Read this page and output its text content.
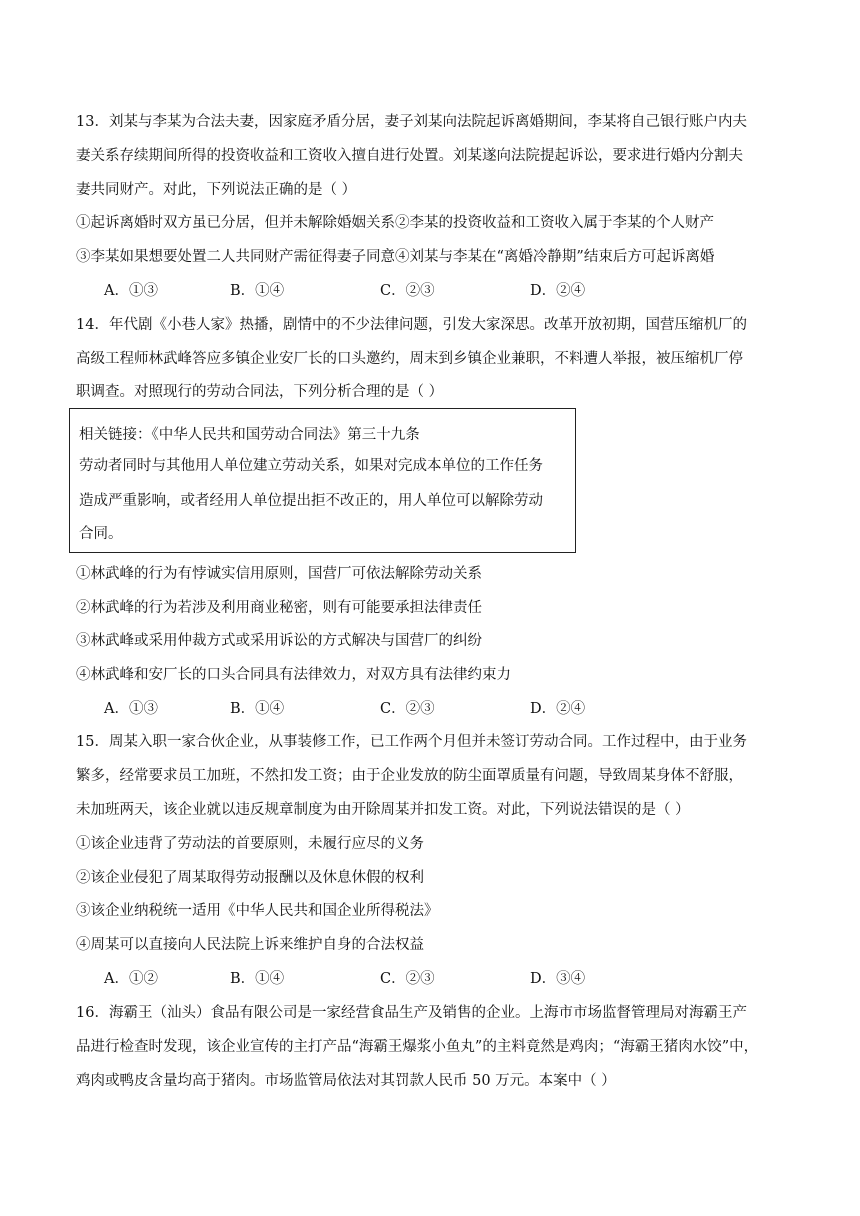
13．刘某与李某为合法夫妻，因家庭矛盾分居，妻子刘某向法院起诉离婚期间，李某将自己银行账户内夫
妻关系存续期间所得的投资收益和工资收入擅自进行处置。刘某遂向法院提起诉讼，要求进行婚内分割夫
妻共同财产。对此，下列说法正确的是（ ）
①起诉离婚时双方虽已分居，但并未解除婚姻关系②李某的投资收益和工资收入属于李某的个人财产
③李某如果想要处置二人共同财产需征得妻子同意④刘某与李某在“离婚冷静期”结束后方可起诉离婚
A．①③	B．①④	C．②③	D．②④
14．年代剧《小巷人家》热播，剧情中的不少法律问题，引发大家深思。改革开放初期，国营压缩机厂的
高级工程师林武峰答应多镇企业安厂长的口头邀约，周末到乡镇企业兼职，不料遭人举报，被压缩机厂停
职调查。对照现行的劳动合同法，下列分析合理的是（ ）
相关链接：《中华人民共和国劳动合同法》第三十九条
劳动者同时与其他用人单位建立劳动关系，如果对完成本单位的工作任务
造成严重影响，或者经用人单位提出拒不改正的，用人单位可以解除劳动
合同。
①林武峰的行为有悖诚实信用原则，国营厂可依法解除劳动关系
②林武峰的行为若涉及利用商业秘密，则有可能要承担法律责任
③林武峰或采用仲裁方式或采用诉讼的方式解决与国营厂的纠纷
④林武峰和安厂长的口头合同具有法律效力，对双方具有法律约束力
A．①③	B．①④	C．②③	D．②④
15．周某入职一家合伙企业，从事装修工作，已工作两个月但并未签订劳动合同。工作过程中，由于业务
繁多，经常要求员工加班，不然扣发工资；由于企业发放的防尘面罩质量有问题，导致周某身体不舒服，
未加班两天，该企业就以违反规章制度为由开除周某并扣发工资。对此，下列说法错误的是（ ）
①该企业违背了劳动法的首要原则，未履行应尽的义务
②该企业侵犯了周某取得劳动报酬以及休息休假的权利
③该企业纳税统一适用《中华人民共和国企业所得税法》
④周某可以直接向人民法院上诉来维护自身的合法权益
A．①②	B．①④	C．②③	D．③④
16．海霸王（汕头）食品有限公司是一家经营食品生产及销售的企业。上海市市场监督管理局对海霸王产
品进行检查时发现，该企业宣传的主打产品“海霸王爆浆小鱼丸”的主料竟然是鸡肉；“海霸王猪肉水饺”中，
鸡肉或鸭皮含量均高于猪肉。市场监管局依法对其罚款人民币 50 万元。本案中（ ）
